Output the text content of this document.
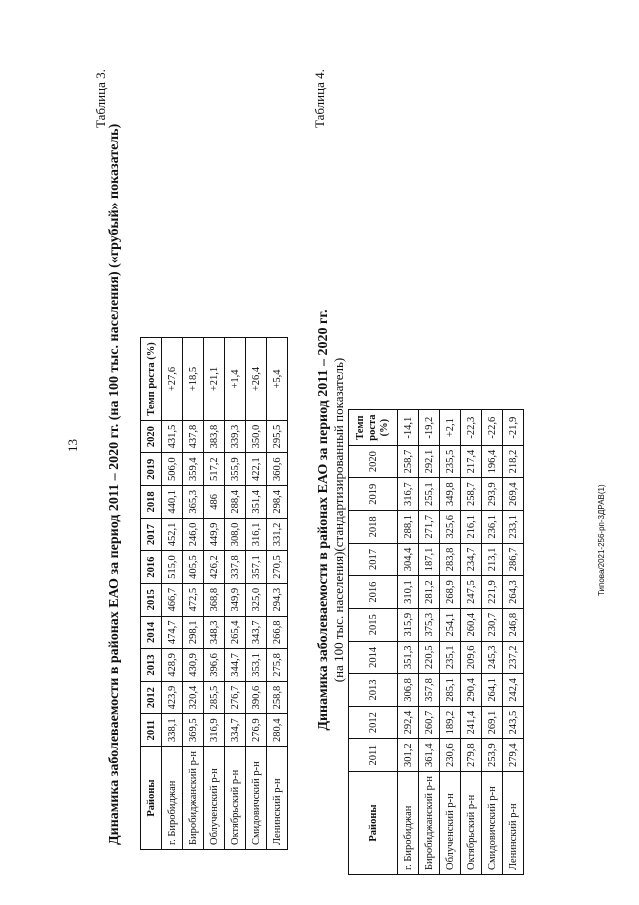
13
Типова/2021-256-рп-3ДРАВ(1)
Таблица 3.
Динамика заболеваемости в районах ЕАО за период 2011 – 2020 гг. (на 100 тыс. населения) («грубый» показатель) Районы	2011	2012	2013	2014	2015	2016	2017	2018	2019	2020	Темп роста (%)
г. Биробиджан	338,1	423,9	428,9	474,7	466,7	515,0	452,1	440,1	506,0	431,5	+27,6
Биробиджанский р-н	369,5	320,4	430,9	298,1	472,5	405,5	246,0	365,3	359,4	437,8	+18,5
Облученский р-н	316,9	285,5	396,6	348,3	368,8	426,2	449,9	486	517,2	383,8	+21,1
Октябрьский р-н	334,7	276,7	344,7	265,4	349,9	337,8	308,0	288,4	355,9	339,3	+1,4
Смидовичский р-н	276,9	390,6	353,1	343,7	325,0	357,1	316,1	351,4	422,1	350,0	+26,4
Ленинский р-н	280,4	258,8	275,8	266,8	294,3	270,5	331,2	298,4	360,6	295,5	+5,4
Таблица 4.
Динамика заболеваемости в районах ЕАО за период 2011 – 2020 гг. (на 100 тыс. населения)(стандартизированный показатель)
Районы	2011	2012	2013	2014	2015	2016	2017	2018	2019	2020	Темп роста (%)
г. Биробиджан	301,2	292,4	306,8	351,3	315,9	310,1	304,4	288,1	316,7	258,7	-14,1
Биробиджанский р-н	361,4	260,7	357,8	220,5	375,3	281,2	187,1	271,7	255,1	292,1	-19,2
Облученский р-н	230,6	189,2	285,1	235,1	254,1	268,9	283,8	325,6	349,8	235,5	+2,1
Октябрьский р-н	279,8	241,4	290,4	209,6	260,4	247,5	234,7	216,1	258,7	217,4	-22,3
Смидовичский р-н	253,9	269,1	264,1	245,3	230,7	221,9	213,1	236,1	293,9	196,4	-22,6
Ленинский р-н	279,4	243,5	242,4	237,2	246,8	264,3	286,7	233,1	269,4	218,2	-21,9
